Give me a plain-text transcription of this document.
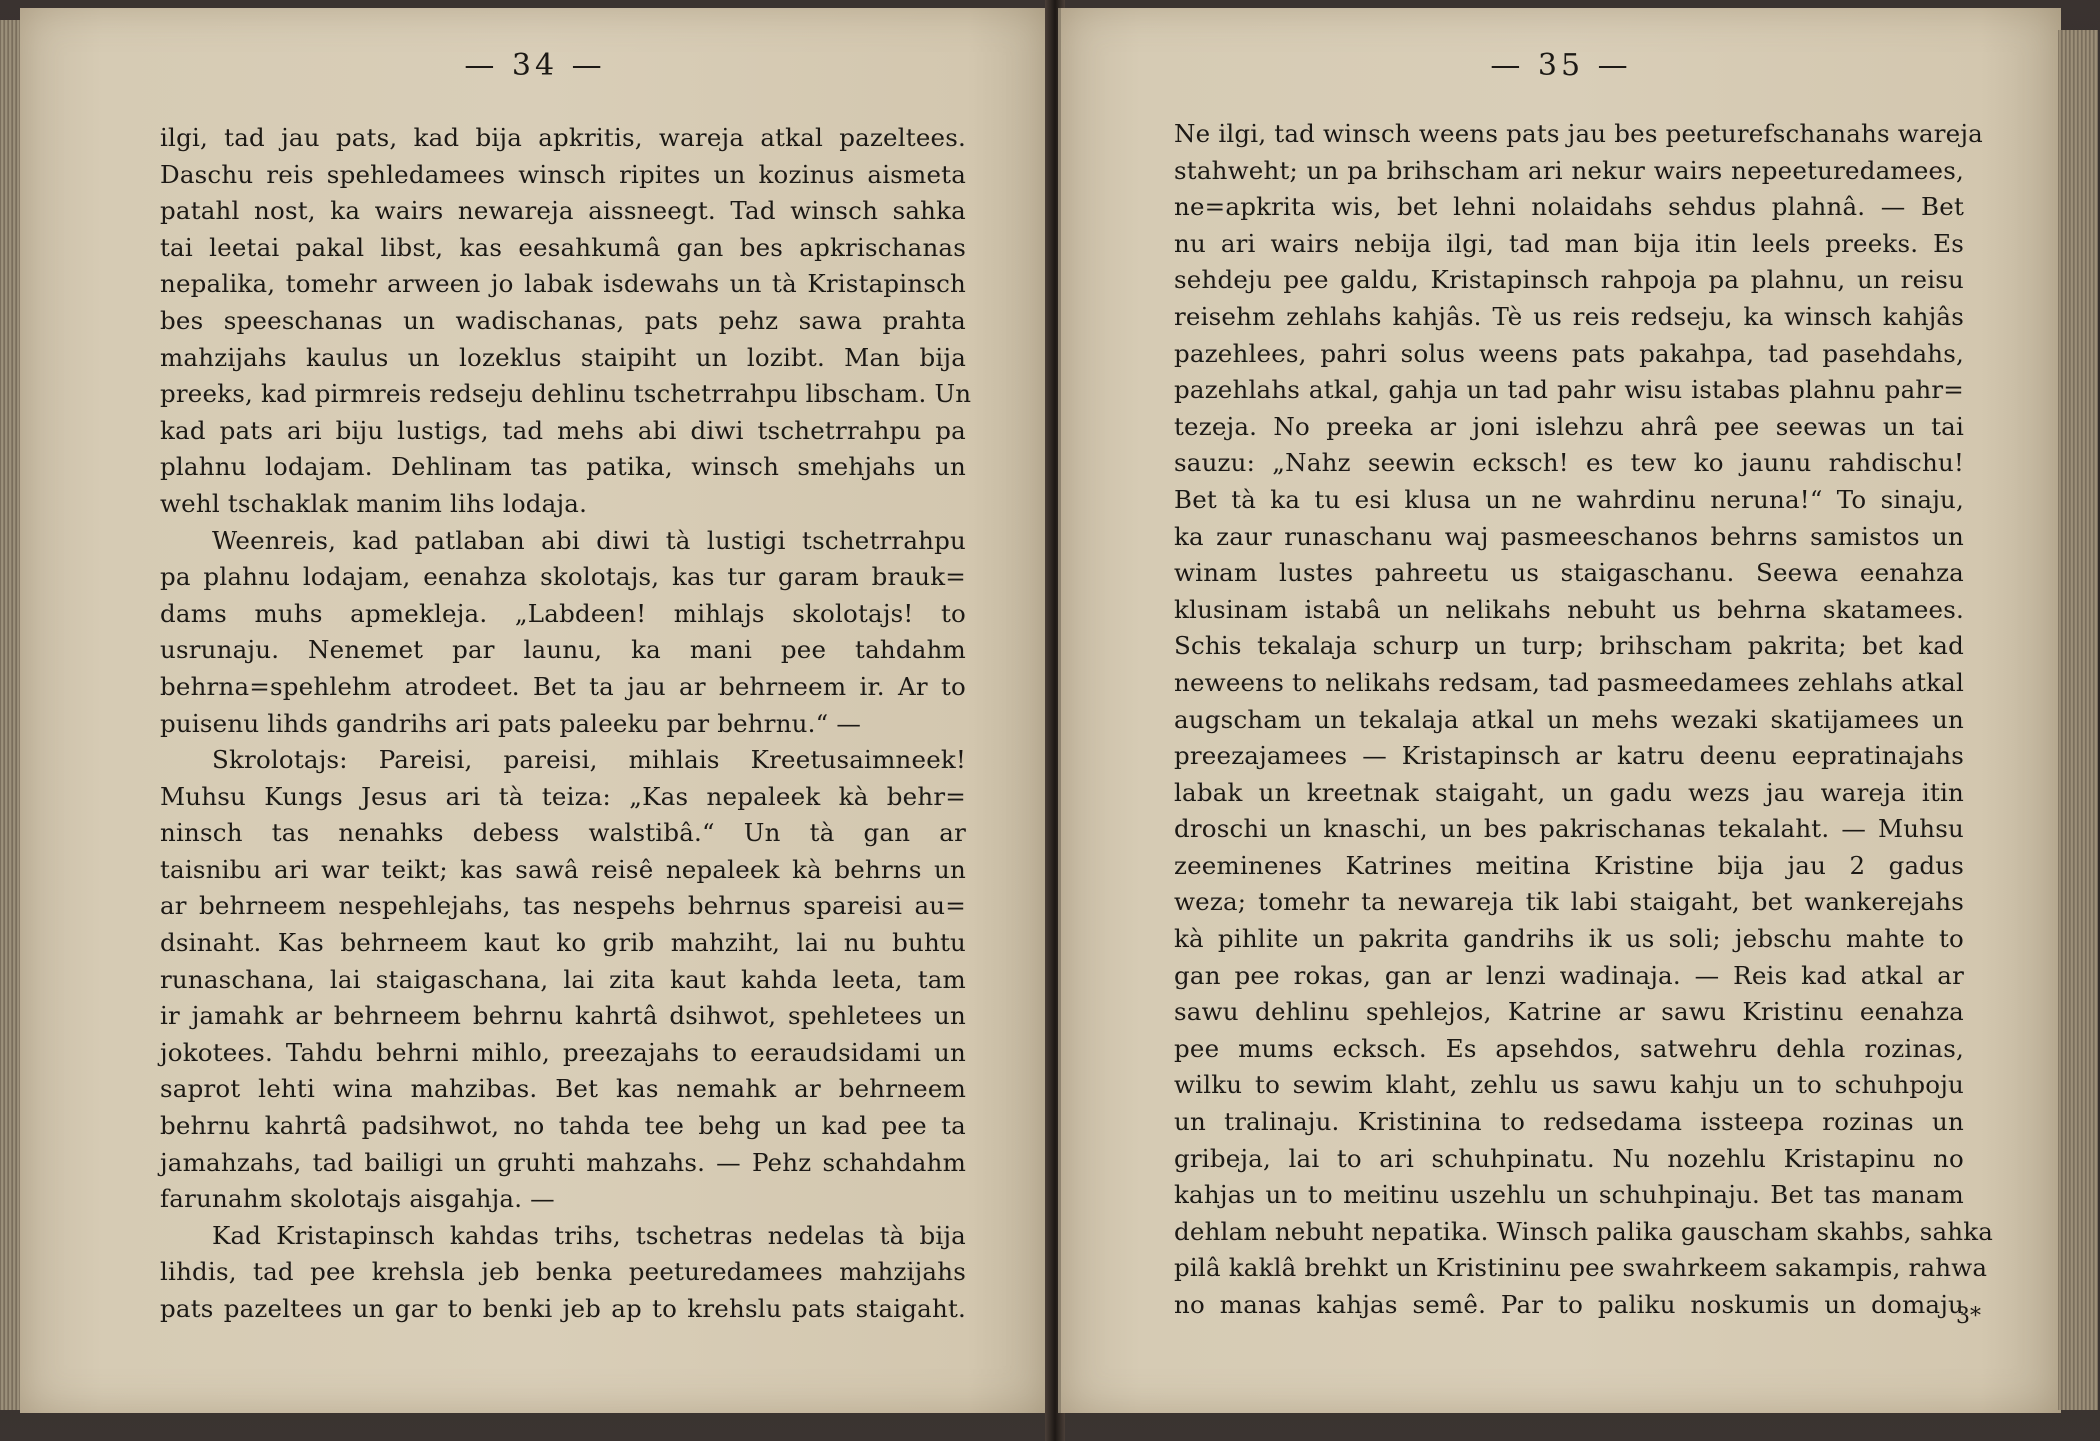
— 34 —
ilgi, tad jau pats, kad bija apkritis, wareja atkal pazeltees.
Daschu reis spehledamees winsch ripites un kozinus aismeta
patahl nost, ka wairs newareja aissneegt. Tad winsch sahka
tai leetai pakal libst, kas eesahkumâ gan bes apkrischanas
nepalika, tomehr arween jo labak isdewahs un tà Kristapinsch
bes speeschanas un wadischanas, pats pehz sawa prahta
mahzijahs kaulus un lozeklus staipiht un lozibt. Man bija
preeks, kad pirmreis redseju dehlinu tschetrrahpu libscham. Un
kad pats ari biju lustigs, tad mehs abi diwi tschetrrahpu pa
plahnu lodajam. Dehlinam tas patika, winsch smehjahs un
wehl tschaklak manim lihs lodaja.
Weenreis, kad patlaban abi diwi tà lustigi tschetrrahpu
pa plahnu lodajam, eenahza skolotajs, kas tur garam brauk=
dams muhs apmekleja. „Labdeen! mihlajs skolotajs! to
usrunaju. Nenemet par launu, ka mani pee tahdahm
behrna=spehlehm atrodeet. Bet ta jau ar behrneem ir. Ar to
puisenu lihds gandrihs ari pats paleeku par behrnu.“ —
Skrolotajs: Pareisi, pareisi, mihlais Kreetusaimneek!
Muhsu Kungs Jesus ari tà teiza: „Kas nepaleek kà behr=
ninsch tas nenahks debess walstibâ.“ Un tà gan ar
taisnibu ari war teikt; kas sawâ reisê nepaleek kà behrns un
ar behrneem nespehlejahs, tas nespehs behrnus spareisi au=
dsinaht. Kas behrneem kaut ko grib mahziht, lai nu buhtu
runaschana, lai staigaschana, lai zita kaut kahda leeta, tam
ir jamahk ar behrneem behrnu kahrtâ dsihwot, spehletees un
jokotees. Tahdu behrni mihlo, preezajahs to eeraudsidami un
saprot lehti wina mahzibas. Bet kas nemahk ar behrneem
behrnu kahrtâ padsihwot, no tahda tee behg un kad pee ta
jamahzahs, tad bailigi un gruhti mahzahs. — Pehz schahdahm
farunahm skolotajs aisgahja. —
Kad Kristapinsch kahdas trihs, tschetras nedelas tà bija
lihdis, tad pee krehsla jeb benka peeturedamees mahzijahs
pats pazeltees un gar to benki jeb ap to krehslu pats staigaht.
— 35 —
Ne ilgi, tad winsch weens pats jau bes peeturefschanahs wareja
stahweht; un pa brihscham ari nekur wairs nepeeturedamees,
ne=apkrita wis, bet lehni nolaidahs sehdus plahnâ. — Bet
nu ari wairs nebija ilgi, tad man bija itin leels preeks. Es
sehdeju pee galdu, Kristapinsch rahpoja pa plahnu, un reisu
reisehm zehlahs kahjâs. Tè us reis redseju, ka winsch kahjâs
pazehlees, pahri solus weens pats pakahpa, tad pasehdahs,
pazehlahs atkal, gahja un tad pahr wisu istabas plahnu pahr=
tezeja. No preeka ar joni islehzu ahrâ pee seewas un tai
sauzu: „Nahz seewin ecksch! es tew ko jaunu rahdischu!
Bet tà ka tu esi klusa un ne wahrdinu neruna!“ To sinaju,
ka zaur runaschanu waj pasmeeschanos behrns samistos un
winam lustes pahreetu us staigaschanu. Seewa eenahza
klusinam istabâ un nelikahs nebuht us behrna skatamees.
Schis tekalaja schurp un turp; brihscham pakrita; bet kad
neweens to nelikahs redsam, tad pasmeedamees zehlahs atkal
augscham un tekalaja atkal un mehs wezaki skatijamees un
preezajamees — Kristapinsch ar katru deenu eepratinajahs
labak un kreetnak staigaht, un gadu wezs jau wareja itin
droschi un knaschi, un bes pakrischanas tekalaht. — Muhsu
zeeminenes Katrines meitina Kristine bija jau 2 gadus
weza; tomehr ta newareja tik labi staigaht, bet wankerejahs
kà pihlite un pakrita gandrihs ik us soli; jebschu mahte to
gan pee rokas, gan ar lenzi wadinaja. — Reis kad atkal ar
sawu dehlinu spehlejos, Katrine ar sawu Kristinu eenahza
pee mums ecksch. Es apsehdos, satwehru dehla rozinas,
wilku to sewim klaht, zehlu us sawu kahju un to schuhpoju
un tralinaju. Kristinina to redsedama issteepa rozinas un
gribeja, lai to ari schuhpinatu. Nu nozehlu Kristapinu no
kahjas un to meitinu uszehlu un schuhpinaju. Bet tas manam
dehlam nebuht nepatika. Winsch palika gauscham skahbs, sahka
pilâ kaklâ brehkt un Kristininu pee swahrkeem sakampis, rahwa
no manas kahjas semê. Par to paliku noskumis un domaju
3*
